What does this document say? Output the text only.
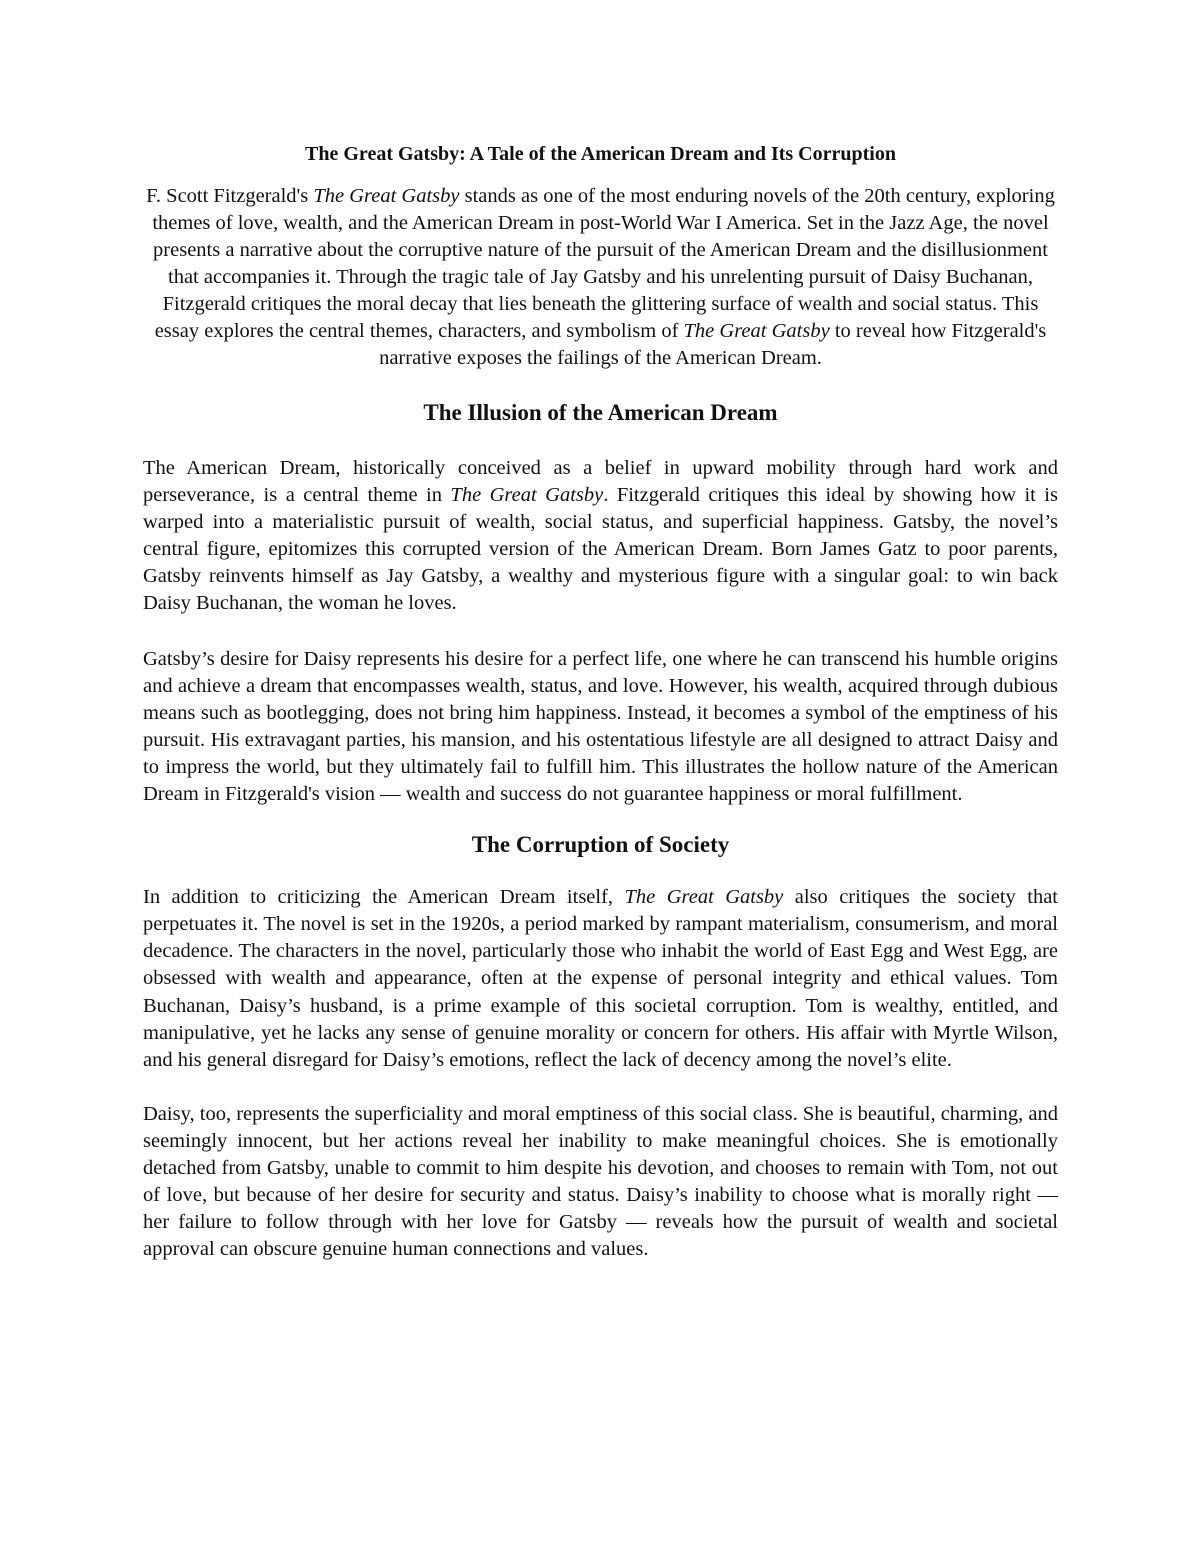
The Great Gatsby: A Tale of the American Dream and Its Corruption

F. Scott Fitzgerald's The Great Gatsby stands as one of the most enduring novels of the 20th century, exploring themes of love, wealth, and the American Dream in post-World War I America. Set in the Jazz Age, the novel presents a narrative about the corruptive nature of the pursuit of the American Dream and the disillusionment that accompanies it. Through the tragic tale of Jay Gatsby and his unrelenting pursuit of Daisy Buchanan, Fitzgerald critiques the moral decay that lies beneath the glittering surface of wealth and social status. This essay explores the central themes, characters, and symbolism of The Great Gatsby to reveal how Fitzgerald's narrative exposes the failings of the American Dream.

The Illusion of the American Dream

The American Dream, historically conceived as a belief in upward mobility through hard work and perseverance, is a central theme in The Great Gatsby. Fitzgerald critiques this ideal by showing how it is warped into a materialistic pursuit of wealth, social status, and superficial happiness. Gatsby, the novel’s central figure, epitomizes this corrupted version of the American Dream. Born James Gatz to poor parents, Gatsby reinvents himself as Jay Gatsby, a wealthy and mysterious figure with a singular goal: to win back Daisy Buchanan, the woman he loves.

Gatsby’s desire for Daisy represents his desire for a perfect life, one where he can transcend his humble origins and achieve a dream that encompasses wealth, status, and love. However, his wealth, acquired through dubious means such as bootlegging, does not bring him happiness. Instead, it becomes a symbol of the emptiness of his pursuit. His extravagant parties, his mansion, and his ostentatious lifestyle are all designed to attract Daisy and to impress the world, but they ultimately fail to fulfill him. This illustrates the hollow nature of the American Dream in Fitzgerald's vision — wealth and success do not guarantee happiness or moral fulfillment.

The Corruption of Society

In addition to criticizing the American Dream itself, The Great Gatsby also critiques the society that perpetuates it. The novel is set in the 1920s, a period marked by rampant materialism, consumerism, and moral decadence. The characters in the novel, particularly those who inhabit the world of East Egg and West Egg, are obsessed with wealth and appearance, often at the expense of personal integrity and ethical values. Tom Buchanan, Daisy’s husband, is a prime example of this societal corruption. Tom is wealthy, entitled, and manipulative, yet he lacks any sense of genuine morality or concern for others. His affair with Myrtle Wilson, and his general disregard for Daisy’s emotions, reflect the lack of decency among the novel’s elite.

Daisy, too, represents the superficiality and moral emptiness of this social class. She is beautiful, charming, and seemingly innocent, but her actions reveal her inability to make meaningful choices. She is emotionally detached from Gatsby, unable to commit to him despite his devotion, and chooses to remain with Tom, not out of love, but because of her desire for security and status. Daisy’s inability to choose what is morally right — her failure to follow through with her love for Gatsby — reveals how the pursuit of wealth and societal approval can obscure genuine human connections and values.
